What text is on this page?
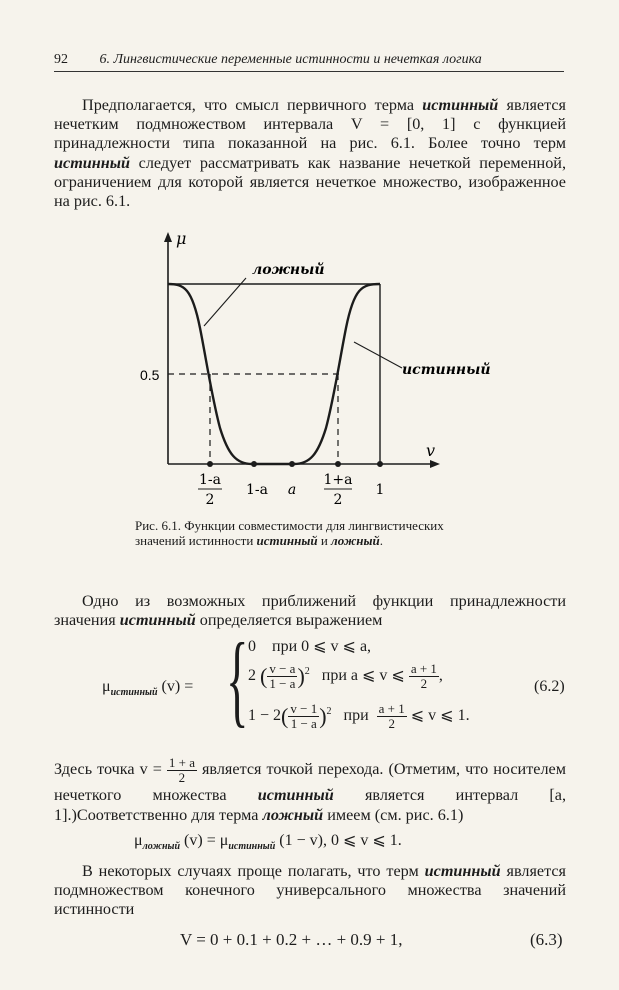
92 6. Лингвистические переменные истинности и нечеткая логика
Предполагается, что смысл первичного терма истинный является нечетким подмножеством интервала V = [0, 1] с функцией принадлежности типа показанной на рис. 6.1. Более точно терм истинный следует рассматривать как название нечеткой переменной, ограничением для которой является нечеткое множество, изображенное на рис. 6.1.
μ
v
0.5
ложный
истинный
1-a
2
1-a a
1+a
2
1
Рис. 6.1. Функции совместимости для лингвистических значений истинности истинный и ложный.
Одно из возможных приближений функции принадлежности значения истинный определяется выражением
$\mu_{истинный}$ (v) = { 0 при 0 ⩽ v ⩽ a,
2 ( $\frac{v - a}{1 - a} )^2$ при a ⩽ v ⩽ $\frac{a + 1}{2}$ ,
$1 - 2( \frac{v - 1}{1 - a} )^2$ при $\frac{a + 1}{2}$ ⩽ v ⩽ 1.
(6.2)
Здесь точка $v = \frac{1 + a}{2}$ является точкой перехода. (Отметим, что носителем нечеткого множества истинный является интервал [a, 1].)Соответственно для терма ложный имеем (см. рис. 6.1)
$\mu_{ложный}$ $(v) = \mu_{истинный}$ (1 − v), 0 ⩽ v ⩽ 1.
В некоторых случаях проще полагать, что терм истинный является подмножеством конечного универсального множества значений истинности
V = 0 + 0.1 + 0.2 + … + 0.9 + 1,	(6.3)
